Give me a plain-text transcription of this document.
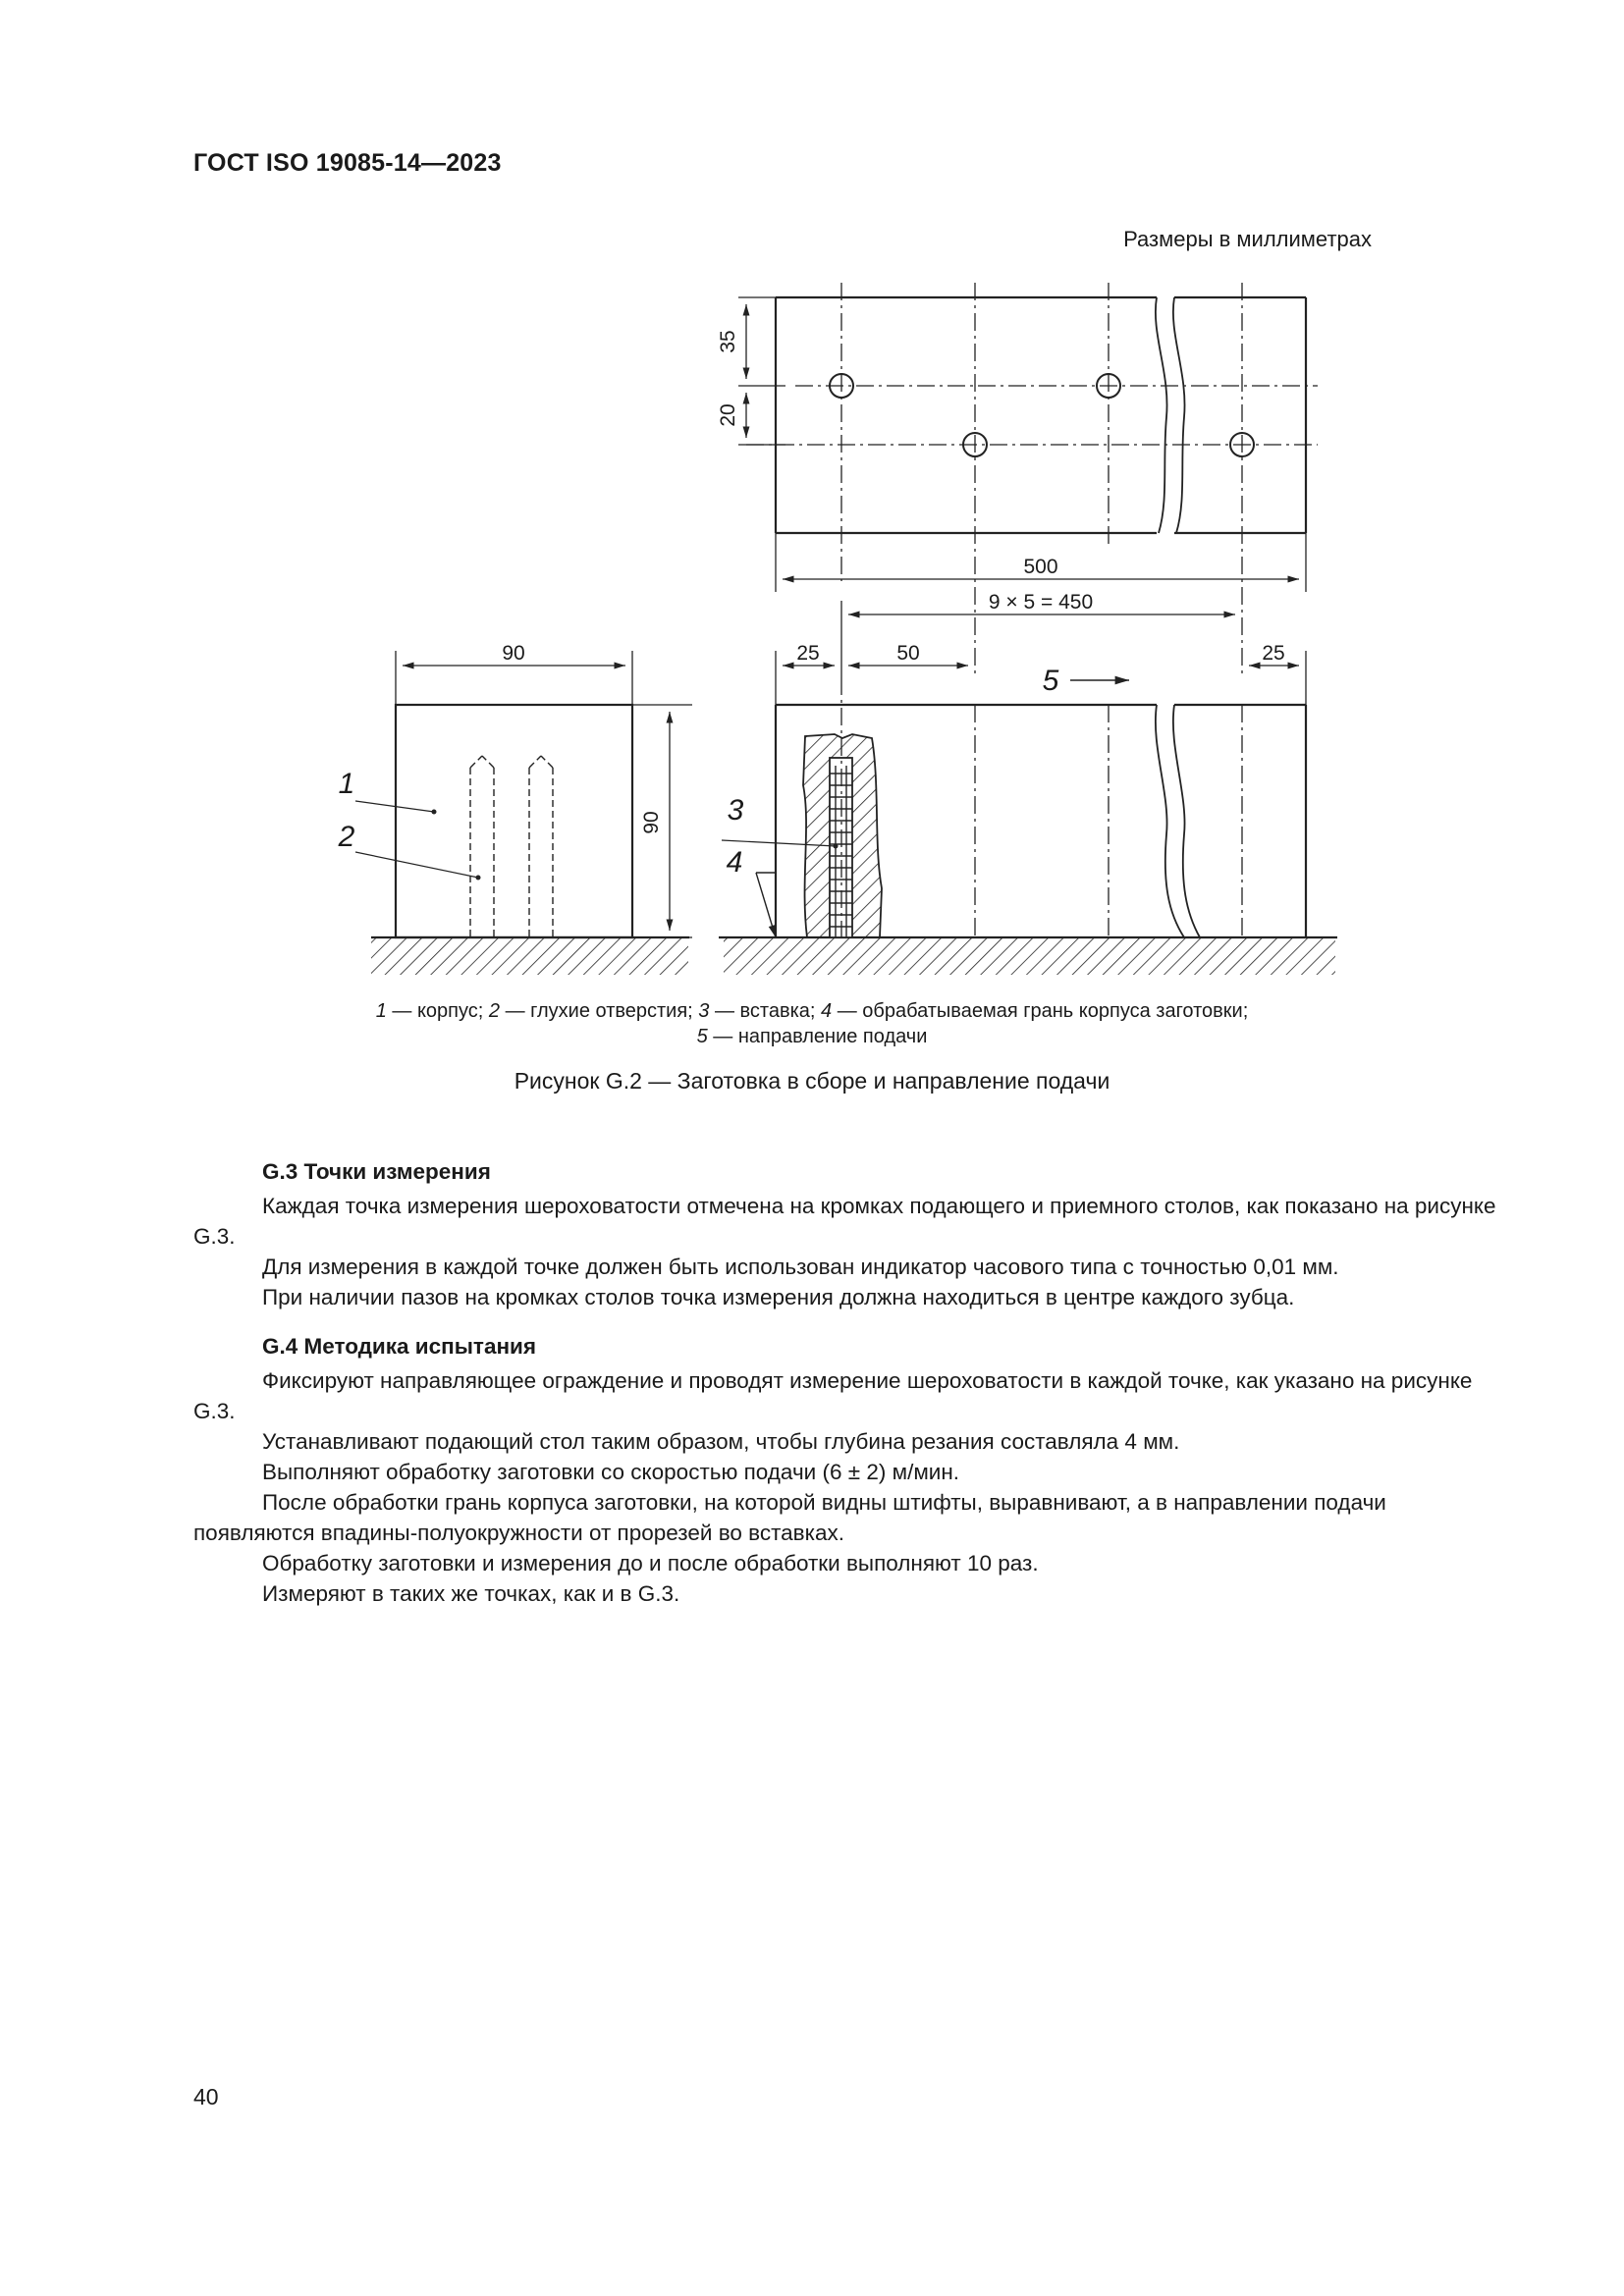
ГОСТ ISO 19085-14—2023
Размеры в миллиметрах
35
20
500
9 × 5 = 450
25	50	25
5
3
4
90
90
1
2
1 — корпус; 2 — глухие отверстия; 3 — вставка; 4 — обрабатываемая грань корпуса заготовки;
5 — направление подачи
Рисунок G.2 — Заготовка в сборе и направление подачи

G.3 Точки измерения

Каждая точка измерения шероховатости отмечена на кромках подающего и приемного столов, как показано на рисунке G.3.

Для измерения в каждой точке должен быть использован индикатор часового типа с точностью 0,01 мм.

При наличии пазов на кромках столов точка измерения должна находиться в центре каждого зубца.

G.4 Методика испытания

Фиксируют направляющее ограждение и проводят измерение шероховатости в каждой точке, как указано на рисунке G.3.

Устанавливают подающий стол таким образом, чтобы глубина резания составляла 4 мм.

Выполняют обработку заготовки со скоростью подачи (6 ± 2) м/мин.

После обработки грань корпуса заготовки, на которой видны штифты, выравнивают, а в направлении подачи появляются впадины-полуокружности от прорезей во вставках.

Обработку заготовки и измерения до и после обработки выполняют 10 раз.

Измеряют в таких же точках, как и в G.3.

40
